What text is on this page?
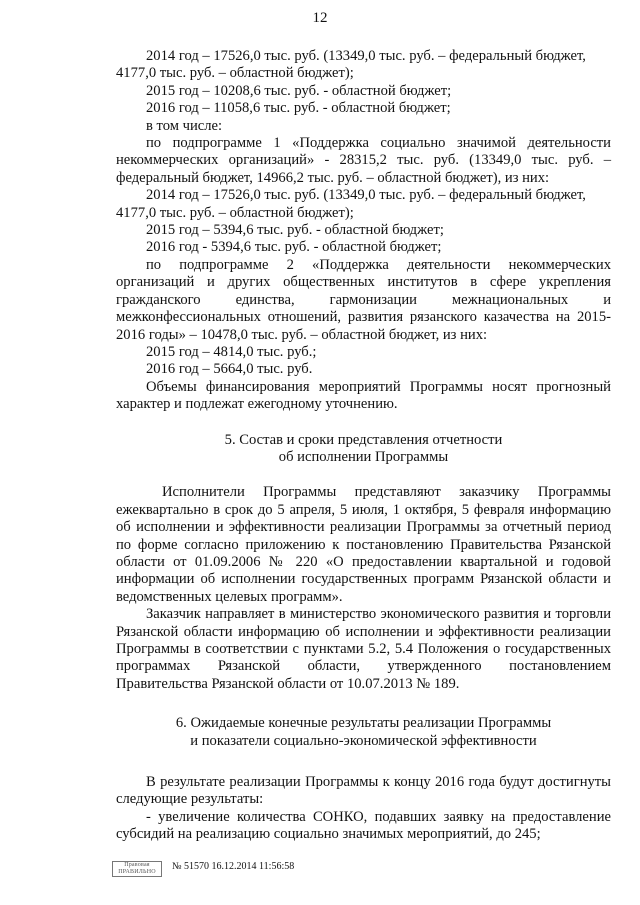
12

2014 год – 17526,0 тыс. руб. (13349,0 тыс. руб. – федеральный бюджет,

4177,0 тыс. руб. – областной бюджет);

2015 год – 10208,6 тыс. руб. - областной бюджет;

2016 год – 11058,6 тыс. руб. - областной бюджет;

в том числе:

по подпрограмме 1 «Поддержка социально значимой деятельности некоммерческих организаций» - 28315,2 тыс. руб. (13349,0 тыс. руб. – федеральный бюджет, 14966,2 тыс. руб. – областной бюджет), из них:

2014 год – 17526,0 тыс. руб. (13349,0 тыс. руб. – федеральный бюджет,

4177,0 тыс. руб. – областной бюджет);

2015 год – 5394,6 тыс. руб. - областной бюджет;

2016 год - 5394,6 тыс. руб. - областной бюджет;

по подпрограмме 2 «Поддержка деятельности некоммерческих организаций и других общественных институтов в сфере укрепления гражданского единства, гармонизации межнациональных и межконфессиональных отношений, развития рязанского казачества на 2015-2016 годы» – 10478,0 тыс. руб. – областной бюджет, из них:

2015 год – 4814,0 тыс. руб.;

2016 год – 5664,0 тыс. руб.

Объемы финансирования мероприятий Программы носят прогнозный характер и подлежат ежегодному уточнению.

5. Состав и сроки представления отчетности

об исполнении Программы

Исполнители Программы представляют заказчику Программы ежеквартально в срок до 5 апреля, 5 июля, 1 октября, 5 февраля информацию об исполнении и эффективности реализации Программы за отчетный период по форме согласно приложению к постановлению Правительства Рязанской области от 01.09.2006 № 220 «О предоставлении квартальной и годовой информации об исполнении государственных программ Рязанской области и ведомственных целевых программ».

Заказчик направляет в министерство экономического развития и торговли Рязанской области информацию об исполнении и эффективности реализации Программы в соответствии с пунктами 5.2, 5.4 Положения о государственных программах Рязанской области, утвержденного постановлением Правительства Рязанской области от 10.07.2013 № 189.

6. Ожидаемые конечные результаты реализации Программы

и показатели социально-экономической эффективности

В результате реализации Программы к концу 2016 года будут достигнуты следующие результаты:

- увеличение количества СОНКО, подавших заявку на предоставление субсидий на реализацию социально значимых мероприятий, до 245;

Правовая
ПРАВИЛЬНО	№ 51570 16.12.2014 11:56:58
